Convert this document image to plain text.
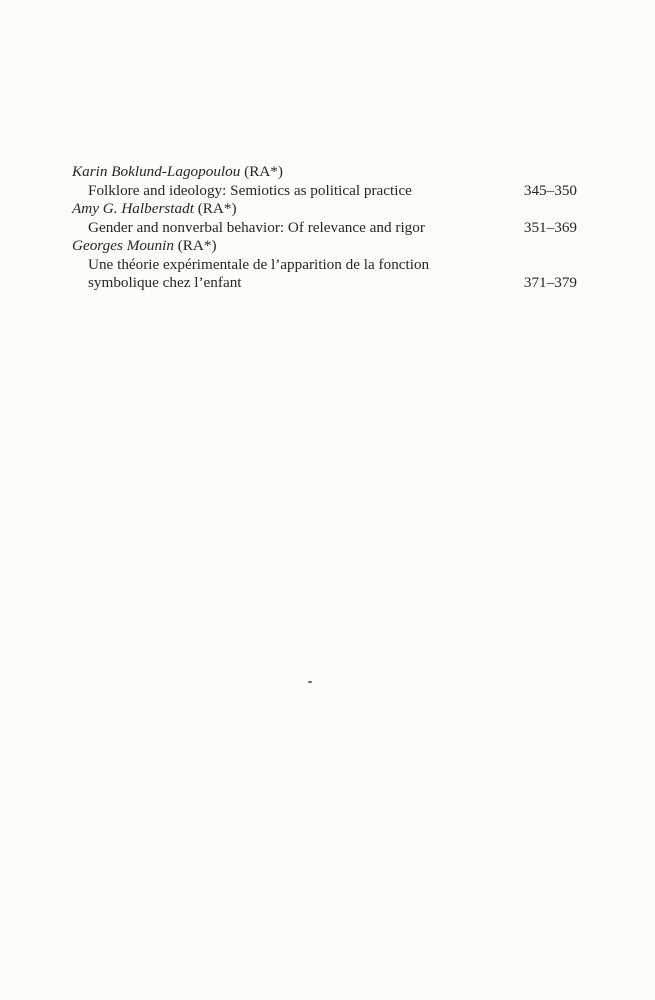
Karin Boklund-Lagopoulou (RA*)
Folklore and ideology: Semiotics as political practice	345–350
Amy G. Halberstadt (RA*)
Gender and nonverbal behavior: Of relevance and rigor	351–369
Georges Mounin (RA*)
Une théorie expérimentale de l’apparition de la fonction
symbolique chez l’enfant	371–379
